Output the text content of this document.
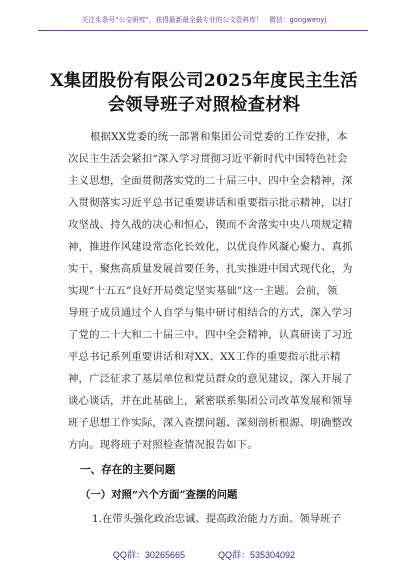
关注头条号“公文研究”，获得最新最全最专业的公文资料库！　微信：gongwenyj
X集团股份有限公司2025年度民主生活
会领导班子对照检查材料
根据XX党委的统一部署和集团公司党委的工作安排，本
次民主生活会紧扣“深入学习贯彻习近平新时代中国特色社会
主义思想，全面贯彻落实党的二十届三中、四中全会精神，深
入贯彻落实习近平总书记重要讲话和重要指示批示精神，以打
攻坚战、持久战的决心和恒心，锲而不舍落实中央八项规定精
神，推进作风建设常态化长效化，以优良作风凝心聚力、真抓
实干，聚焦高质量发展首要任务，扎实推进中国式现代化，为
实现“十五五”良好开局奠定坚实基础”这一主题。会前，领
导班子成员通过个人自学与集中研讨相结合的方式，深入学习
了党的二十大和二十届三中、四中全会精神，认真研读了习近
平总书记系列重要讲话和对XX、XX工作的重要指示批示精
神，广泛征求了基层单位和党员群众的意见建议，深入开展了
谈心谈话，并在此基础上，紧密联系集团公司改革发展和领导
班子思想工作实际，深入查摆问题、深刻剖析根源、明确整改
方向。现将班子对照检查情况报告如下。
一、存在的主要问题
（一）对照“六个方面”查摆的问题
1.在带头强化政治忠诚、提高政治能力方面。领导班子
QQ群：30265665	QQ群：535304092
